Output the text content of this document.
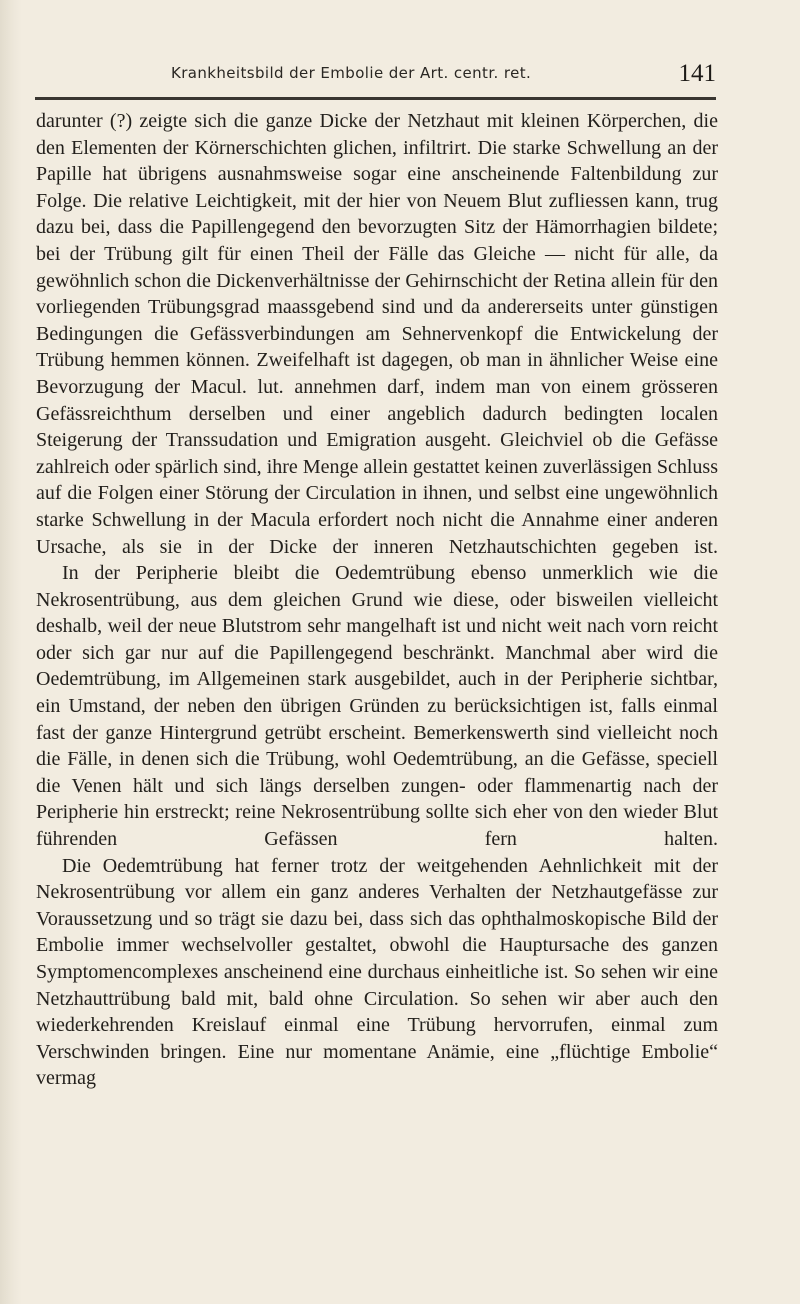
Krankheitsbild der Embolie der Art. centr. ret.	141

darunter (?) zeigte sich die ganze Dicke der Netzhaut mit kleinen Körperchen, die den Elementen der Körnerschichten glichen, infiltrirt. Die starke Schwellung an der Papille hat übrigens ausnahmsweise sogar eine anscheinende Faltenbildung zur Folge. Die relative Leichtigkeit, mit der hier von Neuem Blut zufliessen kann, trug dazu bei, dass die Papillengegend den bevorzugten Sitz der Hämorrhagien bildete; bei der Trübung gilt für einen Theil der Fälle das Gleiche — nicht für alle, da gewöhnlich schon die Dickenverhältnisse der Gehirnschicht der Retina allein für den vorliegenden Trübungsgrad maassgebend sind und da andererseits unter günstigen Bedingungen die Gefässverbindungen am Sehnervenkopf die Entwickelung der Trübung hemmen können. Zweifelhaft ist dagegen, ob man in ähnlicher Weise eine Bevorzugung der Macul. lut. annehmen darf, indem man von einem grösseren Gefässreichthum derselben und einer angeblich dadurch bedingten localen Steigerung der Transsudation und Emigration ausgeht. Gleichviel ob die Gefässe zahlreich oder spärlich sind, ihre Menge allein gestattet keinen zuverlässigen Schluss auf die Folgen einer Störung der Circulation in ihnen, und selbst eine ungewöhnlich starke Schwellung in der Macula erfordert noch nicht die Annahme einer anderen Ursache, als sie in der Dicke der inneren Netzhautschichten gegeben ist.

In der Peripherie bleibt die Oedemtrübung ebenso unmerklich wie die Nekrosentrübung, aus dem gleichen Grund wie diese, oder bisweilen vielleicht deshalb, weil der neue Blutstrom sehr mangelhaft ist und nicht weit nach vorn reicht oder sich gar nur auf die Papillengegend beschränkt. Manchmal aber wird die Oedemtrübung, im Allgemeinen stark ausgebildet, auch in der Peripherie sichtbar, ein Umstand, der neben den übrigen Gründen zu berücksichtigen ist, falls einmal fast der ganze Hintergrund getrübt erscheint. Bemerkenswerth sind vielleicht noch die Fälle, in denen sich die Trübung, wohl Oedemtrübung, an die Gefässe, speciell die Venen hält und sich längs derselben zungen- oder flammenartig nach der Peripherie hin erstreckt; reine Nekrosentrübung sollte sich eher von den wieder Blut führenden Gefässen fern halten.

Die Oedemtrübung hat ferner trotz der weitgehenden Aehnlichkeit mit der Nekrosentrübung vor allem ein ganz anderes Verhalten der Netzhautgefässe zur Voraussetzung und so trägt sie dazu bei, dass sich das ophthalmoskopische Bild der Embolie immer wechselvoller gestaltet, obwohl die Hauptursache des ganzen Symptomencomplexes anscheinend eine durchaus einheitliche ist. So sehen wir eine Netzhauttrübung bald mit, bald ohne Circulation. So sehen wir aber auch den wiederkehrenden Kreislauf einmal eine Trübung hervorrufen, einmal zum Verschwinden bringen. Eine nur momentane Anämie, eine „flüchtige Embolie“ vermag
